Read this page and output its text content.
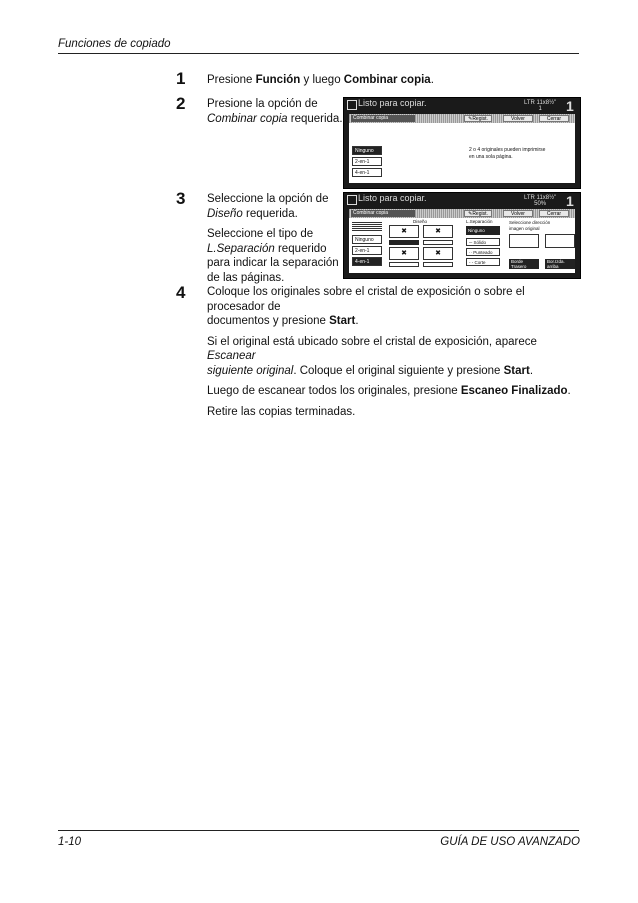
Funciones de copiado
1 Presione Función y luego Combinar copia.
2 Presione la opción de
Combinar copia requerida.
Listo para copiar.	LTR 11x8½"
1	1
Combinar copia	✎Regist.	Volver	Cerrar
Ninguno
2-en-1
4-en-1
2 o 4 originales pueden imprimirse
en una sola página.
3 Seleccione la opción de
Diseño requerida.
Seleccione el tipo de
L.Separación requerido
para indicar la separación
de las páginas.
Listo para copiar.	LTR 11x8½"
50%	1
Combinar copia	✎Regist.	Volver	Cerrar
Ninguno
2-en-1
4-en-1
Diseño
✖	✖
✖	✖
L.Separación
Ninguno
─ Sólido
·· Punteado
- - Corte
Seleccione dirección
imagen original
Borde
Trasero
Bor.Izda.
arriba
4 Coloque los originales sobre el cristal de exposición o sobre el procesador de
documentos y presione Start.
Si el original está ubicado sobre el cristal de exposición, aparece Escanear
siguiente original. Coloque el original siguiente y presione Start.
Luego de escanear todos los originales, presione Escaneo Finalizado.
Retire las copias terminadas.
1-10	GUÍA DE USO AVANZADO
